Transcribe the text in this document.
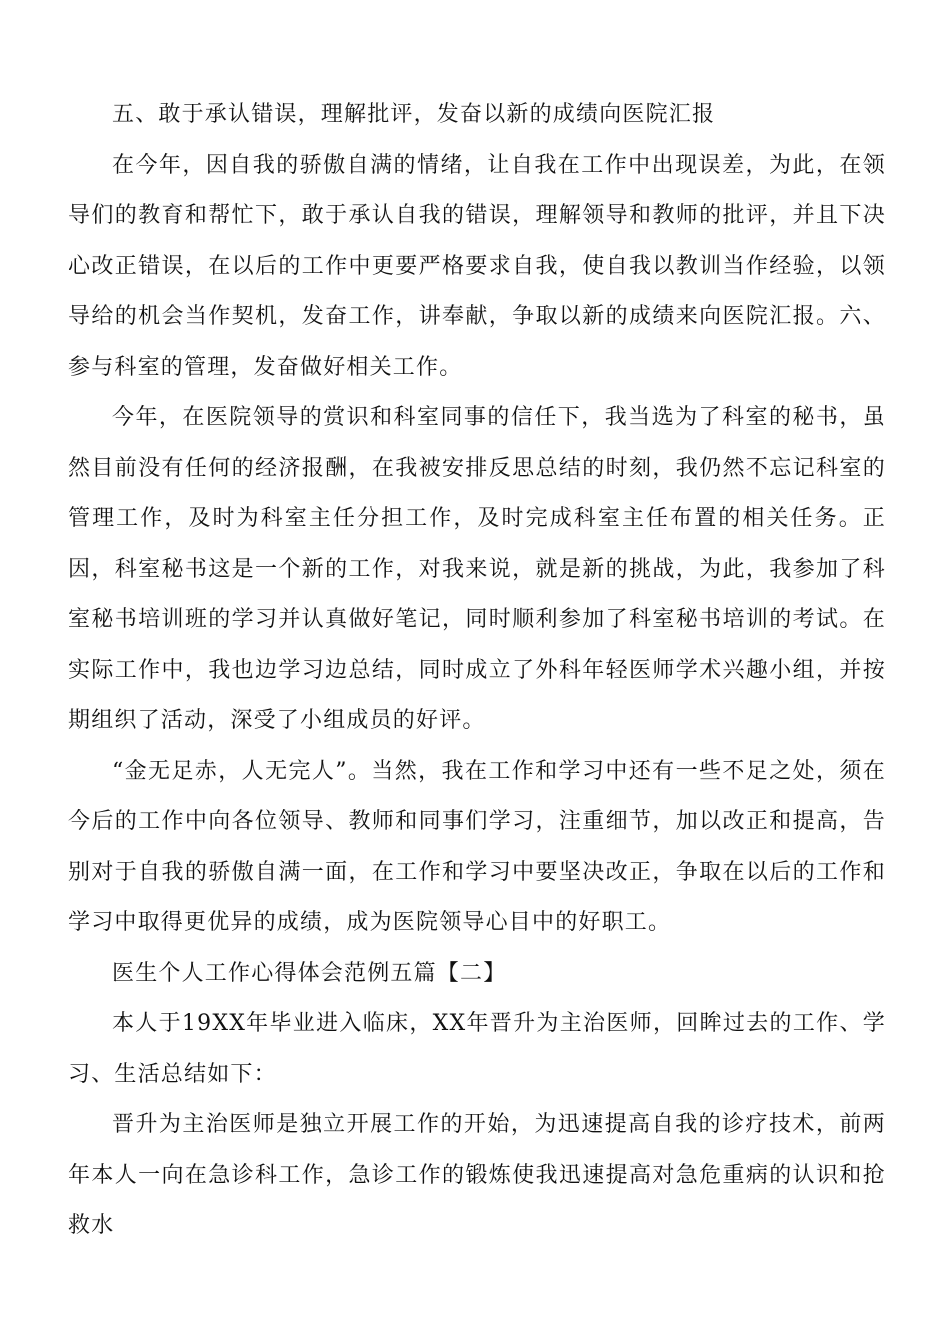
五、敢于承认错误，理解批评，发奋以新的成绩向医院汇报

在今年，因自我的骄傲自满的情绪，让自我在工作中出现误差，为此，在领导们的教育和帮忙下，敢于承认自我的错误，理解领导和教师的批评，并且下决心改正错误，在以后的工作中更要严格要求自我，使自我以教训当作经验，以领导给的机会当作契机，发奋工作，讲奉献，争取以新的成绩来向医院汇报。六、参与科室的管理，发奋做好相关工作。

今年，在医院领导的赏识和科室同事的信任下，我当选为了科室的秘书，虽然目前没有任何的经济报酬，在我被安排反思总结的时刻，我仍然不忘记科室的管理工作，及时为科室主任分担工作，及时完成科室主任布置的相关任务。正因，科室秘书这是一个新的工作，对我来说，就是新的挑战，为此，我参加了科室秘书培训班的学习并认真做好笔记，同时顺利参加了科室秘书培训的考试。在实际工作中，我也边学习边总结，同时成立了外科年轻医师学术兴趣小组，并按期组织了活动，深受了小组成员的好评。

“金无足赤，人无完人”。当然，我在工作和学习中还有一些不足之处，须在今后的工作中向各位领导、教师和同事们学习，注重细节，加以改正和提高，告别对于自我的骄傲自满一面，在工作和学习中要坚决改正，争取在以后的工作和学习中取得更优异的成绩，成为医院领导心目中的好职工。

医生个人工作心得体会范例五篇【二】

本人于19XX年毕业进入临床，XX年晋升为主治医师，回眸过去的工作、学习、生活总结如下：

晋升为主治医师是独立开展工作的开始，为迅速提高自我的诊疗技术，前两年本人一向在急诊科工作，急诊工作的锻炼使我迅速提高对急危重病的认识和抢救水
